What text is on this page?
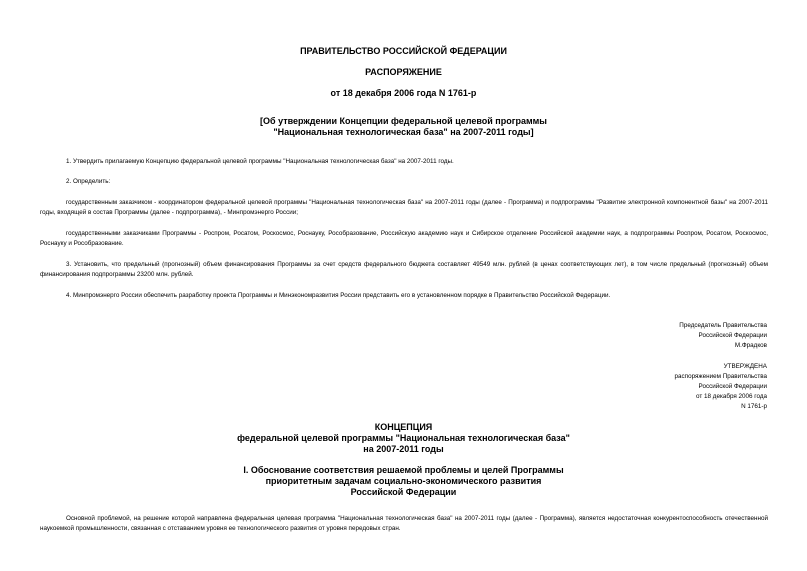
ПРАВИТЕЛЬСТВО РОССИЙСКОЙ ФЕДЕРАЦИИ
РАСПОРЯЖЕНИЕ
от 18 декабря 2006 года N 1761-р
[Об утверждении Концепции федеральной целевой программы
"Национальная технологическая база" на 2007-2011 годы]
1. Утвердить прилагаемую Концепцию федеральной целевой программы "Национальная технологическая база" на 2007-2011 годы.
2. Определить:
государственным заказчиком - координатором федеральной целевой программы "Национальная технологическая база" на 2007-2011 годы (далее - Программа) и подпрограммы "Развитие электронной компонентной базы" на 2007-2011 годы, входящей в состав Программы (далее - подпрограмма), - Минпромэнерго России;
государственными заказчиками Программы - Роспром, Росатом, Роскосмос, Роснауку, Рособразование, Российскую академию наук и Сибирское отделение Российской академии наук, а подпрограммы Роспром, Росатом, Роскосмос, Роснауку и Рособразование.
3. Установить, что предельный (прогнозный) объем финансирования Программы за счет средств федерального бюджета составляет 49549 млн. рублей (в ценах соответствующих лет), в том числе предельный (прогнозный) объем финансирования подпрограммы 23200 млн. рублей.
4. Минпромэнерго России обеспечить разработку проекта Программы и Минэкономразвития России представить его в установленном порядке в Правительство Российской Федерации.
Председатель Правительства
Российской Федерации
М.Фрадков
УТВЕРЖДЕНА
распоряжением Правительства
Российской Федерации
от 18 декабря 2006 года
N 1761-р
КОНЦЕПЦИЯ
федеральной целевой программы "Национальная технологическая база"
на 2007-2011 годы
I. Обоснование соответствия решаемой проблемы и целей Программы
приоритетным задачам социально-экономического развития
Российской Федерации
Основной проблемой, на решение которой направлена федеральная целевая программа "Национальная технологическая база" на 2007-2011 годы (далее - Программа), является недостаточная конкурентоспособность отечественной наукоемкой промышленности, связанная с отставанием уровня ее технологического развития от уровня передовых стран.
